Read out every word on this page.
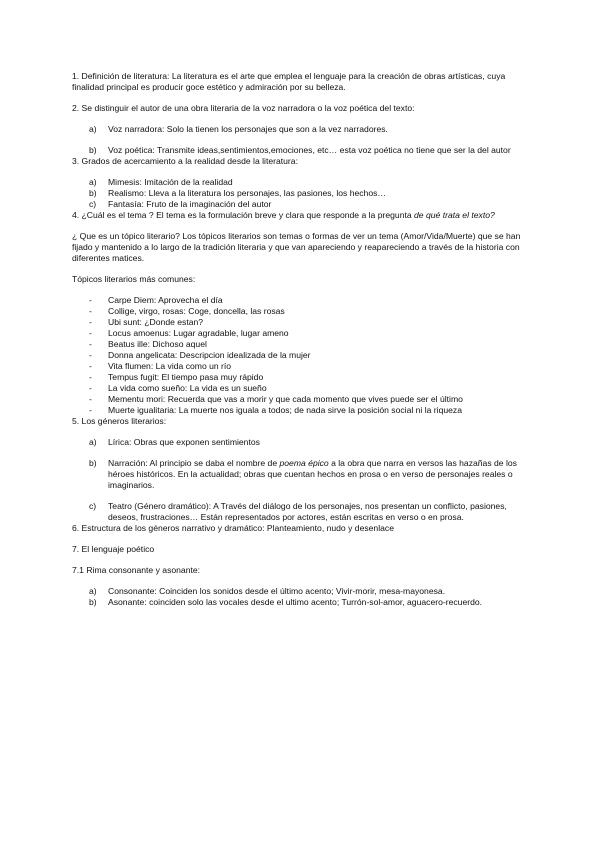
1. Definición de literatura: La literatura es el arte que emplea el lenguaje para la creación de obras artísticas, cuya finalidad principal es producir goce estético y admiración por su belleza.

2. Se distinguir el autor de una obra literaria de la voz narradora o la voz poética del texto:

a) Voz narradora: Solo la tienen los personajes que son a la vez narradores.
b) Voz poética: Transmite ideas,sentimientos,emociones, etc… esta voz poética no tiene que ser la del autor

3. Grados de acercamiento a la realidad desde la literatura:

a) Mimesis: Imitación de la realidad
b) Realismo: Lleva a la literatura los personajes, las pasiones, los hechos…
c) Fantasía: Fruto de la imaginación del autor

4. ¿Cuál es el tema ? El tema es la formulación breve y clara que responde a la pregunta de qué trata el texto?

¿ Que es un tópico literario? Los tópicos literarios son temas o formas de ver un tema (Amor/Vida/Muerte) que se han fijado y mantenido a lo largo de la tradición literaria y que van apareciendo y reapareciendo a través de la historia con diferentes matices.

Tópicos literarios más comunes:

- Carpe Diem: Aprovecha el día
- Collige, virgo, rosas: Coge, doncella, las rosas
- Ubi sunt: ¿Donde estan?
- Locus amoenus: Lugar agradable, lugar ameno
- Beatus ille: Dichoso aquel
- Donna angelicata: Descripcion idealizada de la mujer
- Vita flumen: La vida como un río
- Tempus fugit: El tiempo pasa muy rápido
- La vida como sueño: La vida es un sueño
- Mementu mori: Recuerda que vas a morir y que cada momento que vives puede ser el último
- Muerte igualitaria: La muerte nos iguala a todos; de nada sirve la posición social ni la riqueza

5. Los géneros literarios:

a) Lírica: Obras que exponen sentimientos
b) Narración: Al principio se daba el nombre de poema épico a la obra que narra en versos las hazañas de los héroes históricos. En la actualidad; obras que cuentan hechos en prosa o en verso de personajes reales o imaginarios.
c) Teatro (Género dramático): A Través del diálogo de los personajes, nos presentan un conflicto, pasiones, deseos, frustraciones… Están representados por actores, están escritas en verso o en prosa.

6. Estructura de los géneros narrativo y dramático: Planteamiento, nudo y desenlace

7. El lenguaje poético

7.1 Rima consonante y asonante:

a) Consonante: Coinciden los sonidos desde el último acento; Vivir-morir, mesa-mayonesa.
b) Asonante: coinciden solo las vocales desde el ultimo acento; Turrón-sol-amor, aguacero-recuerdo.
